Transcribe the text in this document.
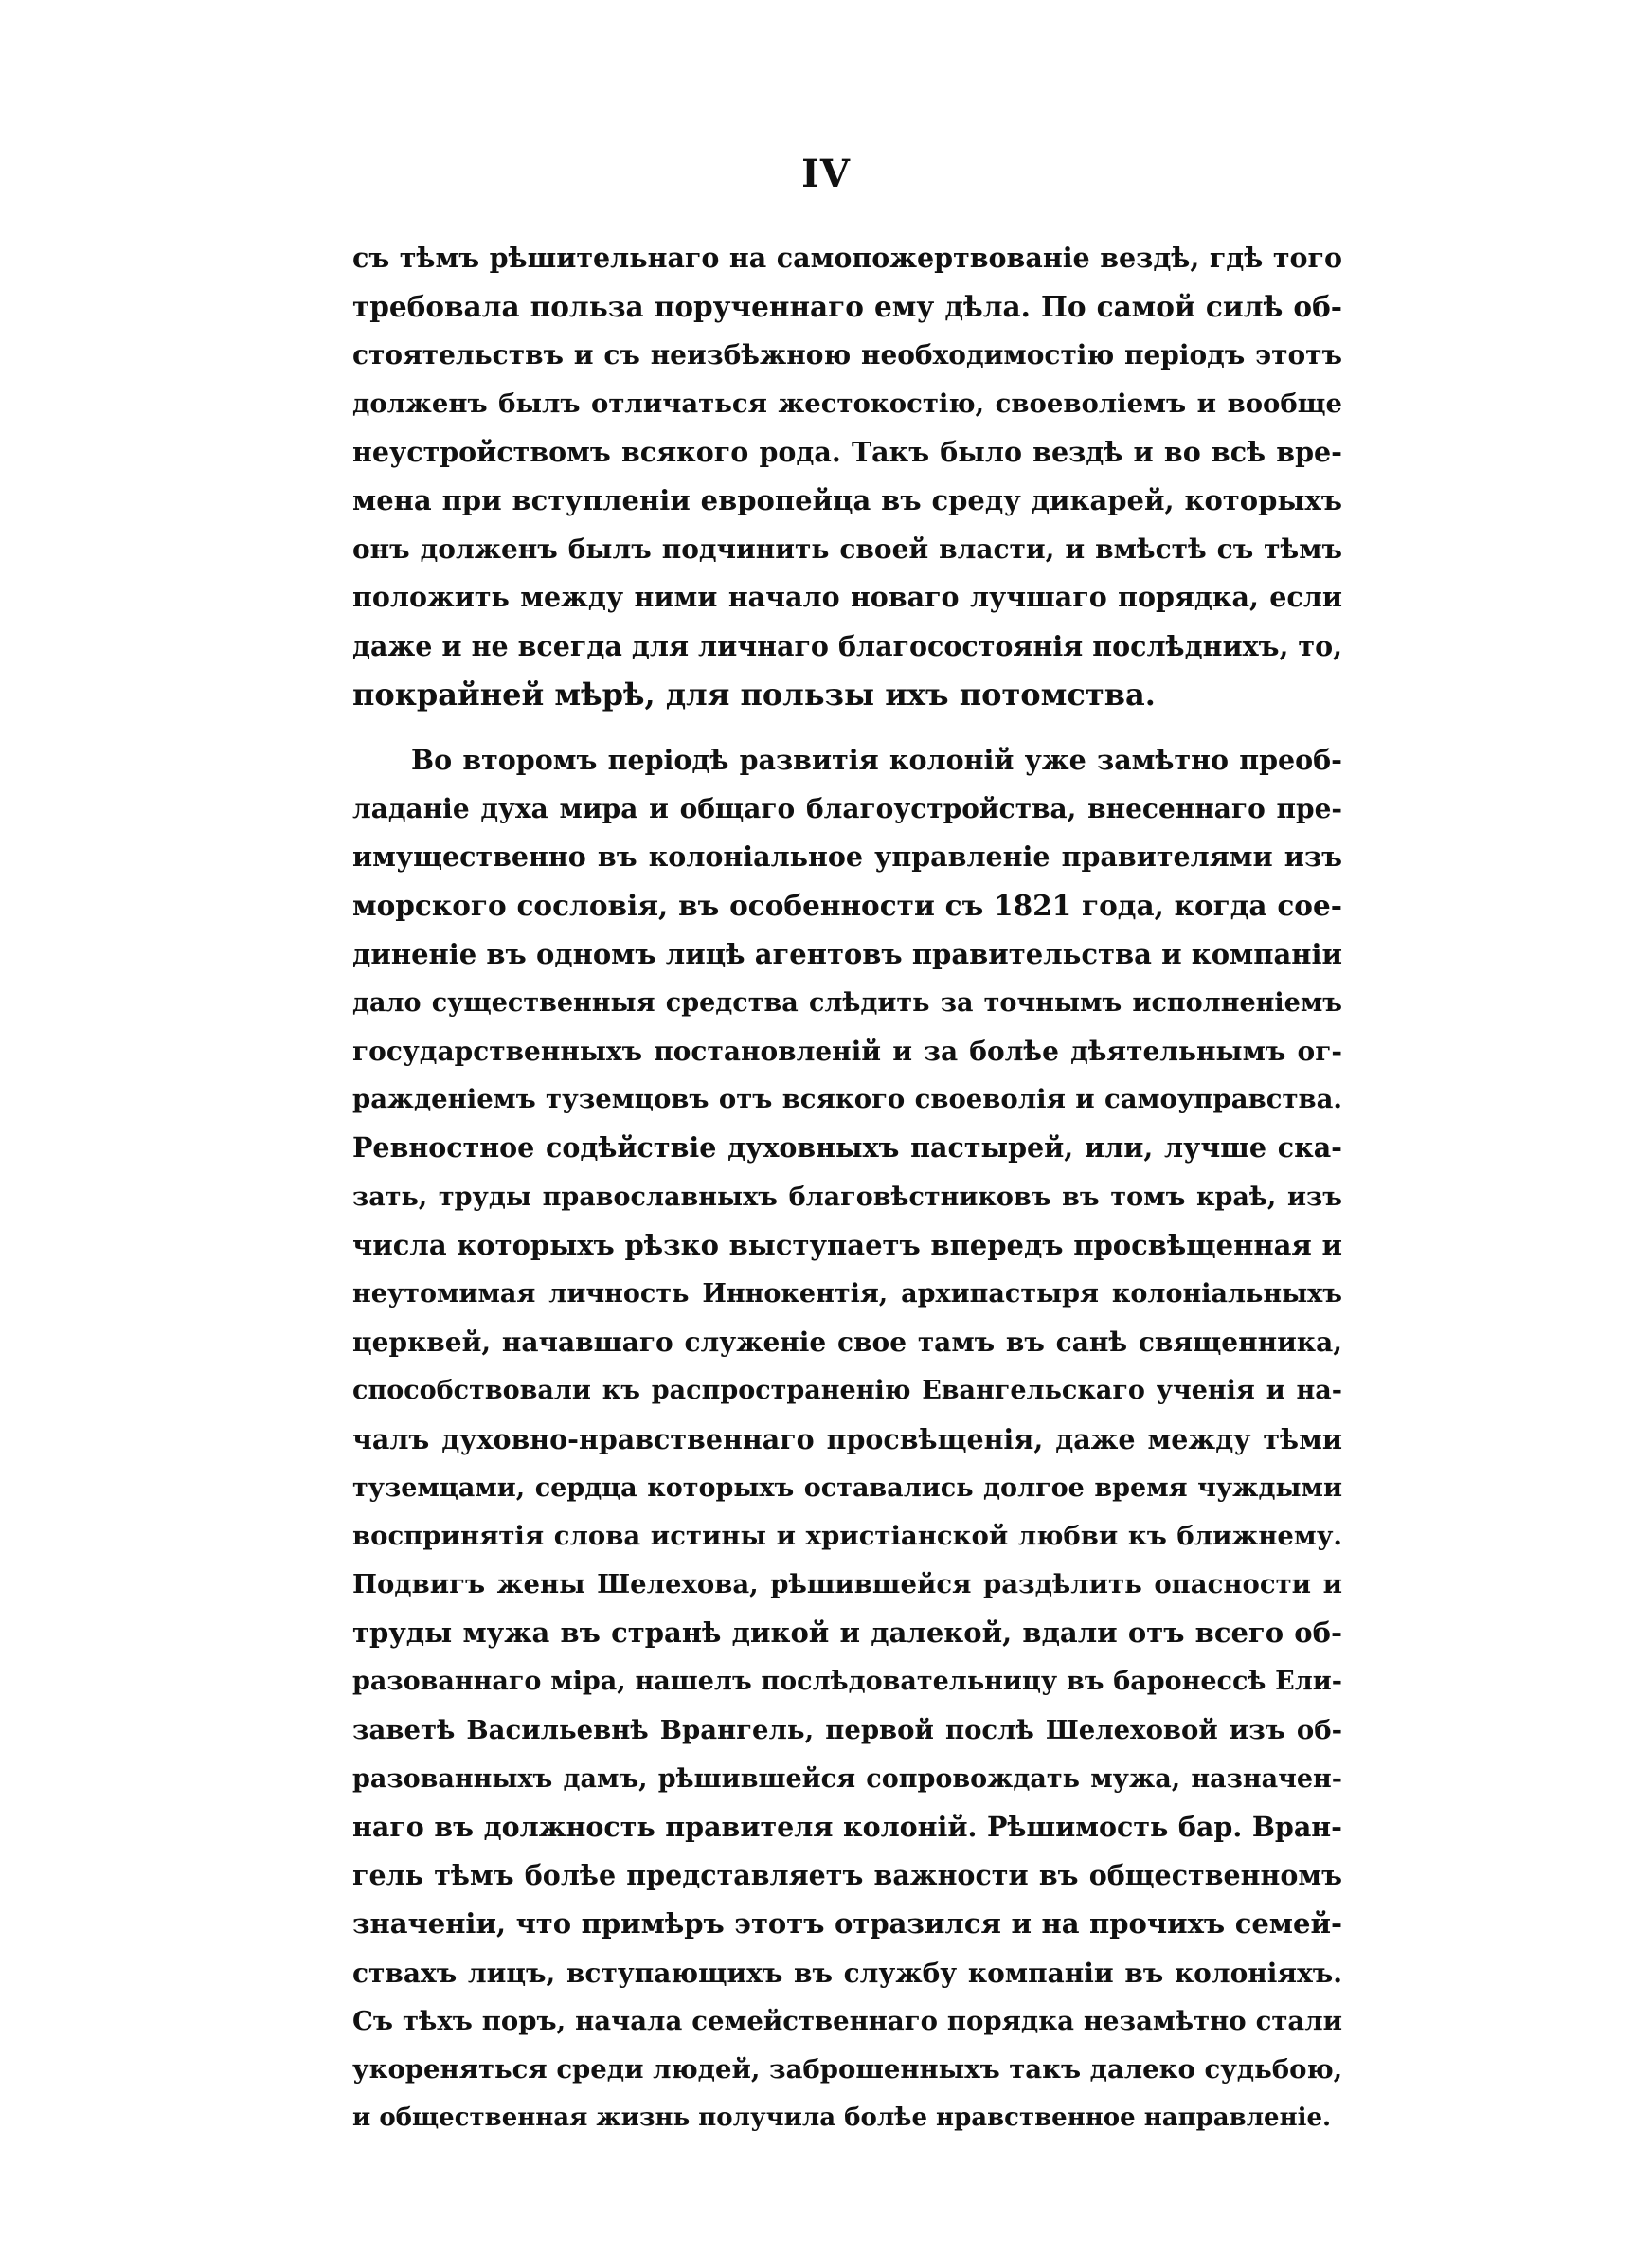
IV
съ тѣмъ рѣшительнаго на самопожертвованіе вездѣ, гдѣ того
требовала польза порученнаго ему дѣла. По самой силѣ об-
стоятельствъ и съ неизбѣжною необходимостію періодъ этотъ
долженъ былъ отличаться жестокостію, своеволіемъ и вообще
неустройствомъ всякого рода. Такъ было вездѣ и во всѣ вре-
мена при вступленіи европейца въ среду дикарей, которыхъ
онъ долженъ былъ подчинить своей власти, и вмѣстѣ съ тѣмъ
положить между ними начало новаго лучшаго порядка, если
даже и не всегда для личнаго благосостоянія послѣднихъ, то,
покрайней мѣрѣ, для пользы ихъ потомства.
Во второмъ періодѣ развитія колоній уже замѣтно преоб-
ладаніе духа мира и общаго благоустройства, внесеннаго пре-
имущественно въ колоніальное управленіе правителями изъ
морского сословія, въ особенности съ 1821 года, когда сое-
диненіе въ одномъ лицѣ агентовъ правительства и компаніи
дало существенныя средства слѣдить за точнымъ исполненіемъ
государственныхъ постановленій и за болѣе дѣятельнымъ ог-
ражденіемъ туземцовъ отъ всякого своеволія и самоуправства.
Ревностное содѣйствіе духовныхъ пастырей, или, лучше ска-
зать, труды православныхъ благовѣстниковъ въ томъ краѣ, изъ
числа которыхъ рѣзко выступаетъ впередъ просвѣщенная и
неутомимая личность Иннокентія, архипастыря колоніальныхъ
церквей, начавшаго служеніе свое тамъ въ санѣ священника,
способствовали къ распространенію Евангельскаго ученія и на-
чалъ духовно-нравственнаго просвѣщенія, даже между тѣми
туземцами, сердца которыхъ оставались долгое время чуждыми
воспринятія слова истины и христіанской любви къ ближнему.
Подвигъ жены Шелехова, рѣшившейся раздѣлить опасности и
труды мужа въ странѣ дикой и далекой, вдали отъ всего об-
разованнаго міра, нашелъ послѣдовательницу въ баронессѣ Ели-
заветѣ Васильевнѣ Врангель, первой послѣ Шелеховой изъ об-
разованныхъ дамъ, рѣшившейся сопровождать мужа, назначен-
наго въ должность правителя колоній. Рѣшимость бар. Вран-
гель тѣмъ болѣе представляетъ важности въ общественномъ
значеніи, что примѣръ этотъ отразился и на прочихъ семей-
ствахъ лицъ, вступающихъ въ службу компаніи въ колоніяхъ.
Съ тѣхъ поръ, начала семейственнаго порядка незамѣтно стали
укореняться среди людей, заброшенныхъ такъ далеко судьбою,
и общественная жизнь получила болѣе нравственное направленіе.
